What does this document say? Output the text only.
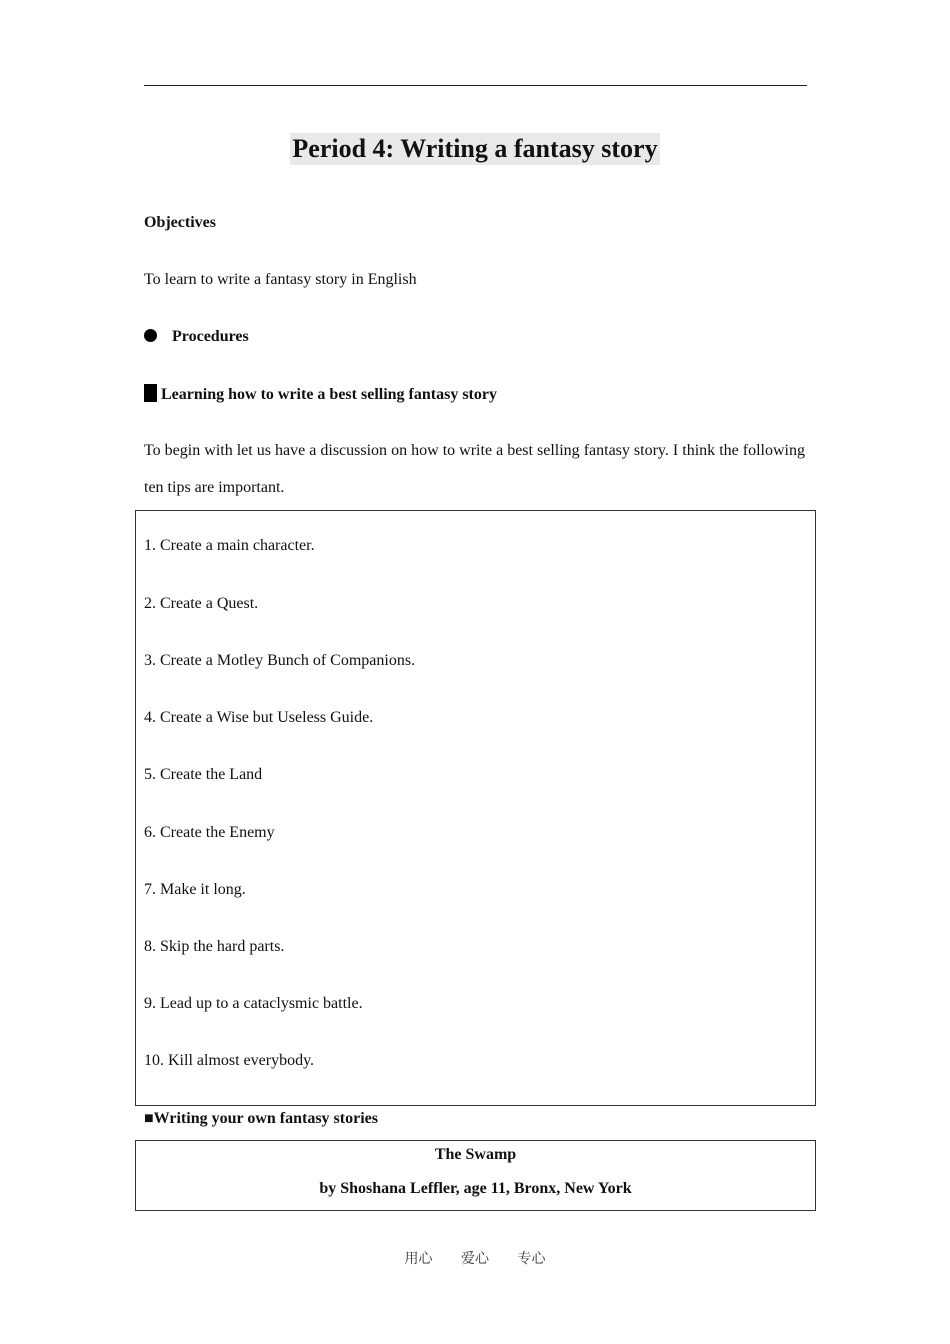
Period 4: Writing a fantasy story
Objectives
To learn to write a fantasy story in English
Procedures
Learning how to write a best selling fantasy story
To begin with let us have a discussion on how to write a best selling fantasy story. I think the following ten tips are important.
1. Create a main character.
2. Create a Quest.
3. Create a Motley Bunch of Companions.
4. Create a Wise but Useless Guide.
5. Create the Land
6. Create the Enemy
7. Make it long.
8. Skip the hard parts.
9. Lead up to a cataclysmic battle.
10. Kill almost everybody.
■Writing your own fantasy stories
The Swamp
by Shoshana Leffler, age 11, Bronx, New York
用心 爱心 专心
